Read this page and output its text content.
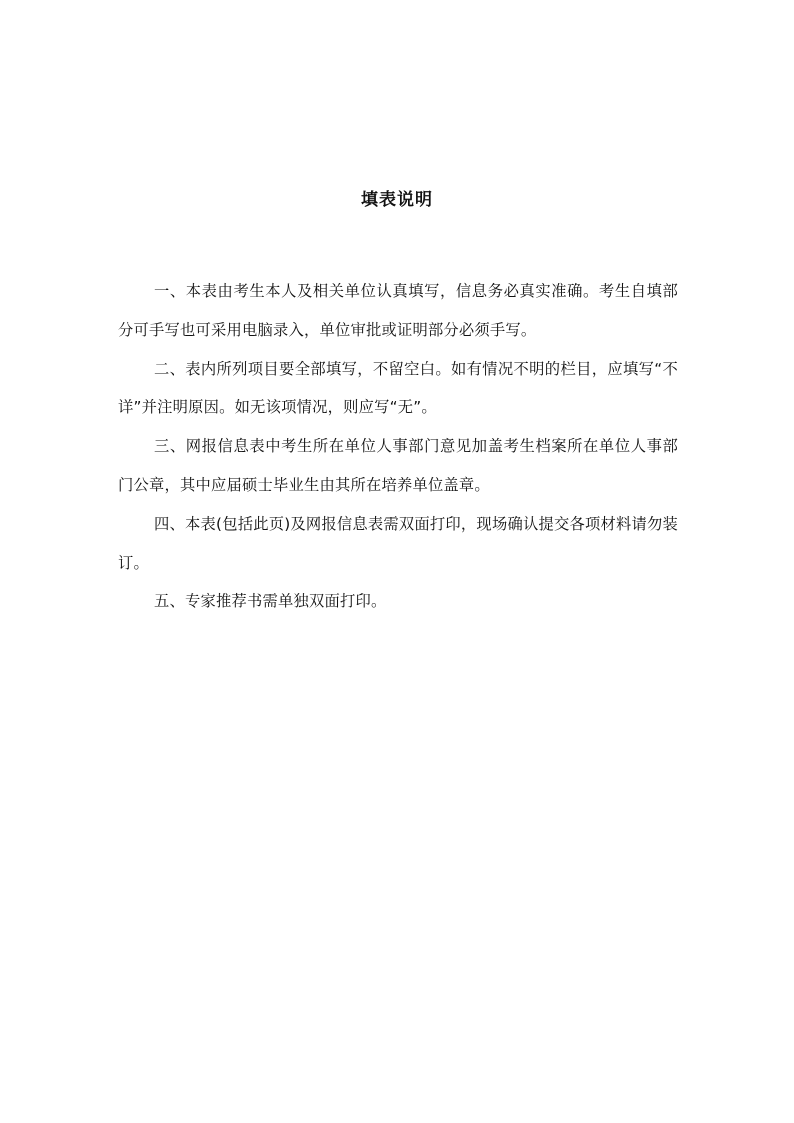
填表说明

一、本表由考生本人及相关单位认真填写，信息务必真实准确。考生自填部分可手写也可采用电脑录入，单位审批或证明部分必须手写。

二、表内所列项目要全部填写，不留空白。如有情况不明的栏目，应填写“不详”并注明原因。如无该项情况，则应写“无”。

三、网报信息表中考生所在单位人事部门意见加盖考生档案所在单位人事部门公章，其中应届硕士毕业生由其所在培养单位盖章。

四、本表(包括此页)及网报信息表需双面打印，现场确认提交各项材料请勿装订。

五、专家推荐书需单独双面打印。
